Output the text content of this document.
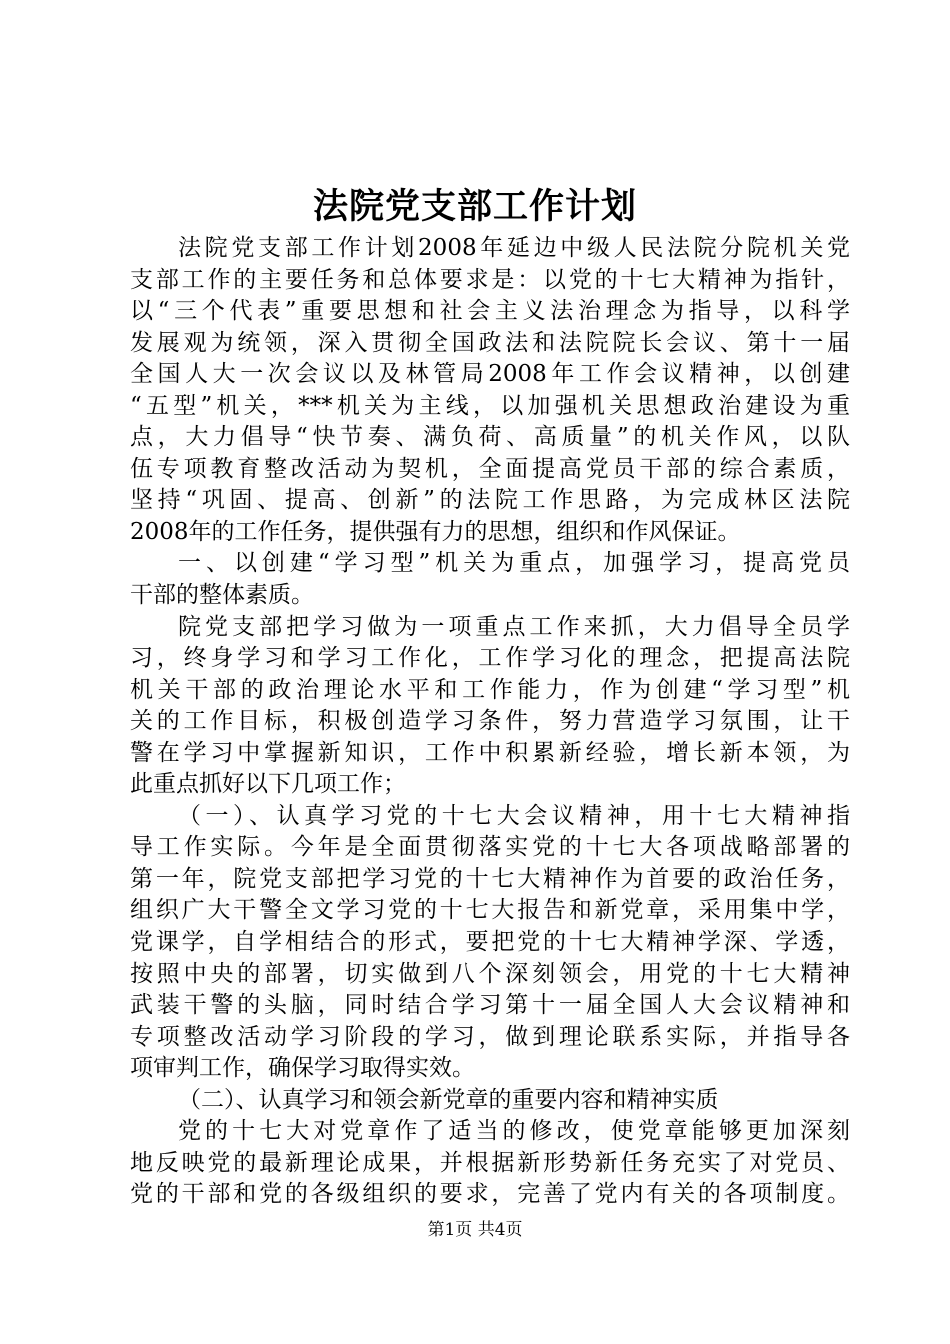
法院党支部工作计划
法院党支部工作计划2008年延边中级人民法院分院机关党
支部工作的主要任务和总体要求是：以党的十七大精神为指针，
以“三个代表”重要思想和社会主义法治理念为指导，以科学
发展观为统领，深入贯彻全国政法和法院院长会议、第十一届
全国人大一次会议以及林管局2008年工作会议精神，以创建
“五型”机关，***机关为主线，以加强机关思想政治建设为重
点，大力倡导“快节奏、满负荷、高质量”的机关作风，以队
伍专项教育整改活动为契机，全面提高党员干部的综合素质，
坚持“巩固、提高、创新”的法院工作思路，为完成林区法院
2008年的工作任务，提供强有力的思想，组织和作风保证。
一、以创建“学习型”机关为重点，加强学习，提高党员
干部的整体素质。
院党支部把学习做为一项重点工作来抓，大力倡导全员学
习，终身学习和学习工作化，工作学习化的理念，把提高法院
机关干部的政治理论水平和工作能力，作为创建“学习型”机
关的工作目标，积极创造学习条件，努力营造学习氛围，让干
警在学习中掌握新知识，工作中积累新经验，增长新本领，为
此重点抓好以下几项工作；
（一）、认真学习党的十七大会议精神，用十七大精神指
导工作实际。今年是全面贯彻落实党的十七大各项战略部署的
第一年，院党支部把学习党的十七大精神作为首要的政治任务，
组织广大干警全文学习党的十七大报告和新党章，采用集中学，
党课学，自学相结合的形式，要把党的十七大精神学深、学透，
按照中央的部署，切实做到八个深刻领会，用党的十七大精神
武装干警的头脑，同时结合学习第十一届全国人大会议精神和
专项整改活动学习阶段的学习，做到理论联系实际，并指导各
项审判工作，确保学习取得实效。
（二）、认真学习和领会新党章的重要内容和精神实质
党的十七大对党章作了适当的修改，使党章能够更加深刻
地反映党的最新理论成果，并根据新形势新任务充实了对党员、
党的干部和党的各级组织的要求，完善了党内有关的各项制度。
第1页 共4页
